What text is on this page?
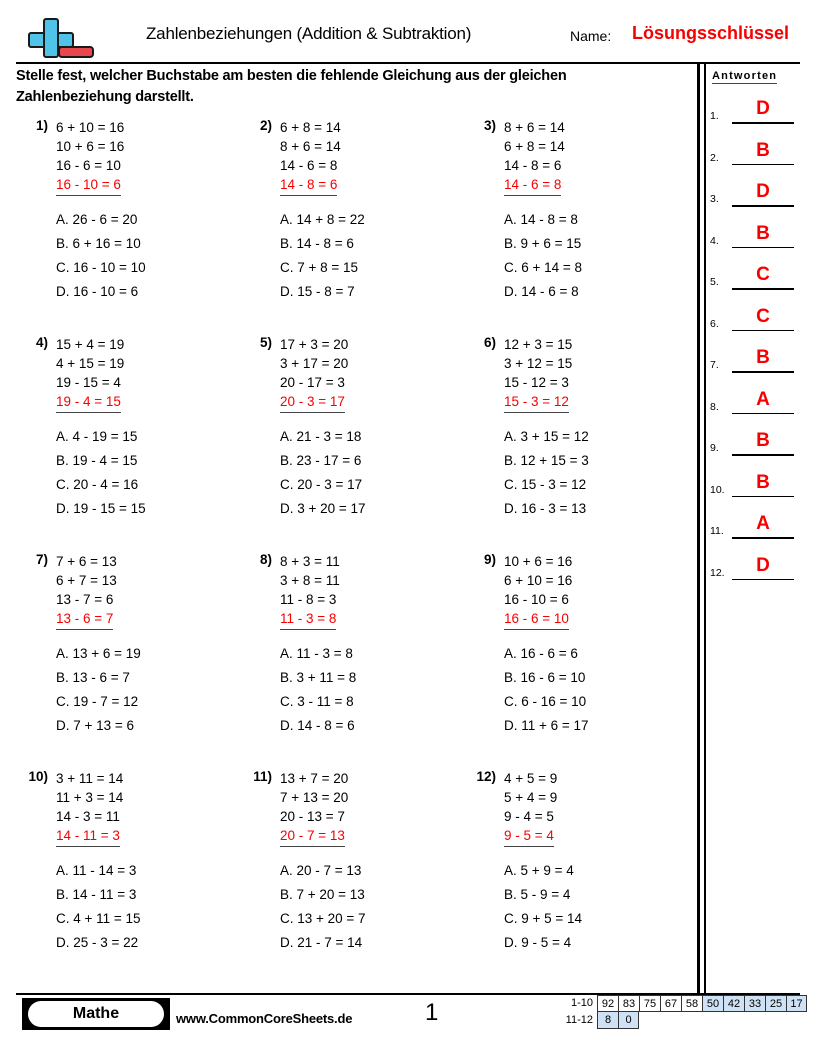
Zahlenbeziehungen (Addition & Subtraktion)	Name: Lösungsschlüssel
Stelle fest, welcher Buchstabe am besten die fehlende Gleichung aus der gleichen Zahlenbeziehung darstellt.
1) 6 + 10 = 16
10 + 6 = 16
16 - 6 = 10
16 - 10 = 6
A. 26 - 6 = 20
B. 6 + 16 = 10
C. 16 - 10 = 10
D. 16 - 10 = 6
2) 6 + 8 = 14
8 + 6 = 14
14 - 6 = 8
14 - 8 = 6
A. 14 + 8 = 22
B. 14 - 8 = 6
C. 7 + 8 = 15
D. 15 - 8 = 7
3) 8 + 6 = 14
6 + 8 = 14
14 - 8 = 6
14 - 6 = 8
A. 14 - 8 = 8
B. 9 + 6 = 15
C. 6 + 14 = 8
D. 14 - 6 = 8
4) 15 + 4 = 19
4 + 15 = 19
19 - 15 = 4
19 - 4 = 15
A. 4 - 19 = 15
B. 19 - 4 = 15
C. 20 - 4 = 16
D. 19 - 15 = 15
5) 17 + 3 = 20
3 + 17 = 20
20 - 17 = 3
20 - 3 = 17
A. 21 - 3 = 18
B. 23 - 17 = 6
C. 20 - 3 = 17
D. 3 + 20 = 17
6) 12 + 3 = 15
3 + 12 = 15
15 - 12 = 3
15 - 3 = 12
A. 3 + 15 = 12
B. 12 + 15 = 3
C. 15 - 3 = 12
D. 16 - 3 = 13
7) 7 + 6 = 13
6 + 7 = 13
13 - 7 = 6
13 - 6 = 7
A. 13 + 6 = 19
B. 13 - 6 = 7
C. 19 - 7 = 12
D. 7 + 13 = 6
8) 8 + 3 = 11
3 + 8 = 11
11 - 8 = 3
11 - 3 = 8
A. 11 - 3 = 8
B. 3 + 11 = 8
C. 3 - 11 = 8
D. 14 - 8 = 6
9) 10 + 6 = 16
6 + 10 = 16
16 - 10 = 6
16 - 6 = 10
A. 16 - 6 = 6
B. 16 - 6 = 10
C. 6 - 16 = 10
D. 11 + 6 = 17
10) 3 + 11 = 14
11 + 3 = 14
14 - 3 = 11
14 - 11 = 3
A. 11 - 14 = 3
B. 14 - 11 = 3
C. 4 + 11 = 15
D. 25 - 3 = 22
11) 13 + 7 = 20
7 + 13 = 20
20 - 13 = 7
20 - 7 = 13
A. 20 - 7 = 13
B. 7 + 20 = 13
C. 13 + 20 = 7
D. 21 - 7 = 14
12) 4 + 5 = 9
5 + 4 = 9
9 - 4 = 5
9 - 5 = 4
A. 5 + 9 = 4
B. 5 - 9 = 4
C. 9 + 5 = 14
D. 9 - 5 = 4
Antworten
1.	D
2.	B
3.	D
4.	B
5.	C
6.	C
7.	B
8.	A
9.	B
10.	B
11.	A
12.	D
Mathe	www.CommonCoreSheets.de	1	1-10 92 83 75 67 58 50 42 33 25 17
11-12	8	0
